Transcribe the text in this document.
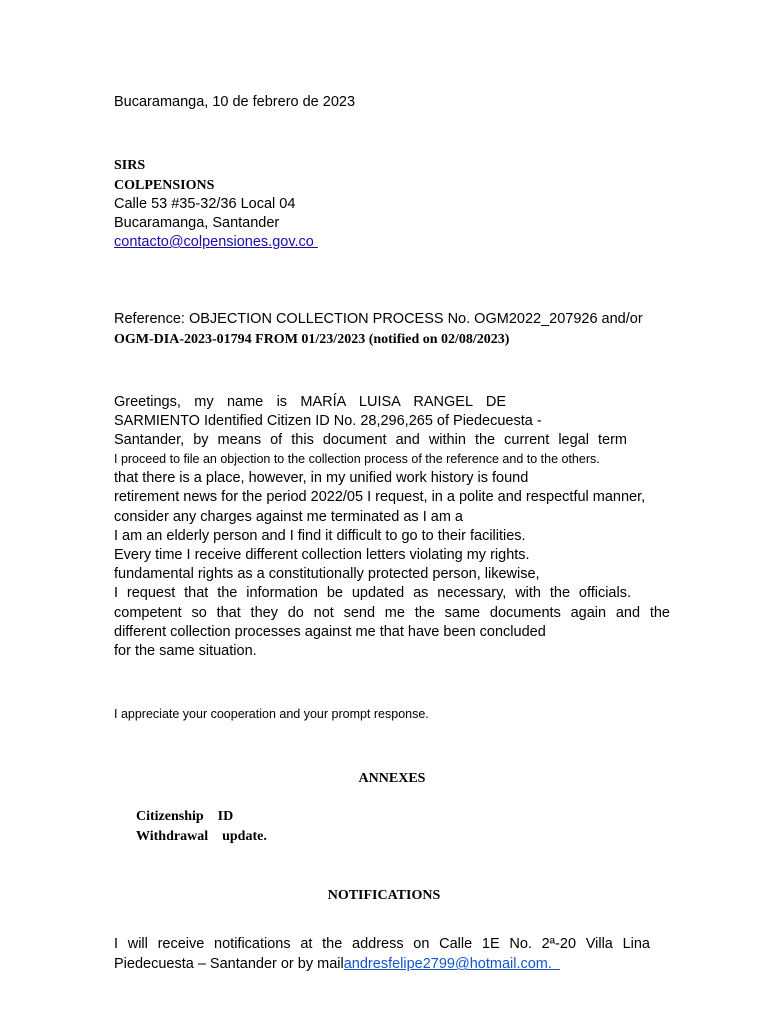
Bucaramanga, 10 de febrero de 2023
SIRS
COLPENSIONS
Calle 53 #35-32/36 Local 04
Bucaramanga, Santander
contacto@colpensiones.gov.co
Reference: OBJECTION COLLECTION PROCESS No. OGM2022_207926 and/or
OGM-DIA-2023-01794 FROM 01/23/2023 (notified on 02/08/2023)
Greetings, my name is MARÍA LUISA RANGEL DE
SARMIENTO Identified Citizen ID No. 28,296,265 of Piedecuesta -
Santander, by means of this document and within the current legal term
I proceed to file an objection to the collection process of the reference and to the others.
that there is a place, however, in my unified work history is found
retirement news for the period 2022/05 I request, in a polite and respectful manner,
consider any charges against me terminated as I am a
I am an elderly person and I find it difficult to go to their facilities.
Every time I receive different collection letters violating my rights.
fundamental rights as a constitutionally protected person, likewise,
I request that the information be updated as necessary, with the officials.
competent so that they do not send me the same documents again and the
different collection processes against me that have been concluded
for the same situation.
I appreciate your cooperation and your prompt response.
ANNEXES
Citizenship    ID
Withdrawal    update.
NOTIFICATIONS
I will receive notifications at the address on Calle 1E No. 2ª-20 Villa Lina
Piedecuesta – Santander or by mailandresfelipe2799@hotmail.com.
